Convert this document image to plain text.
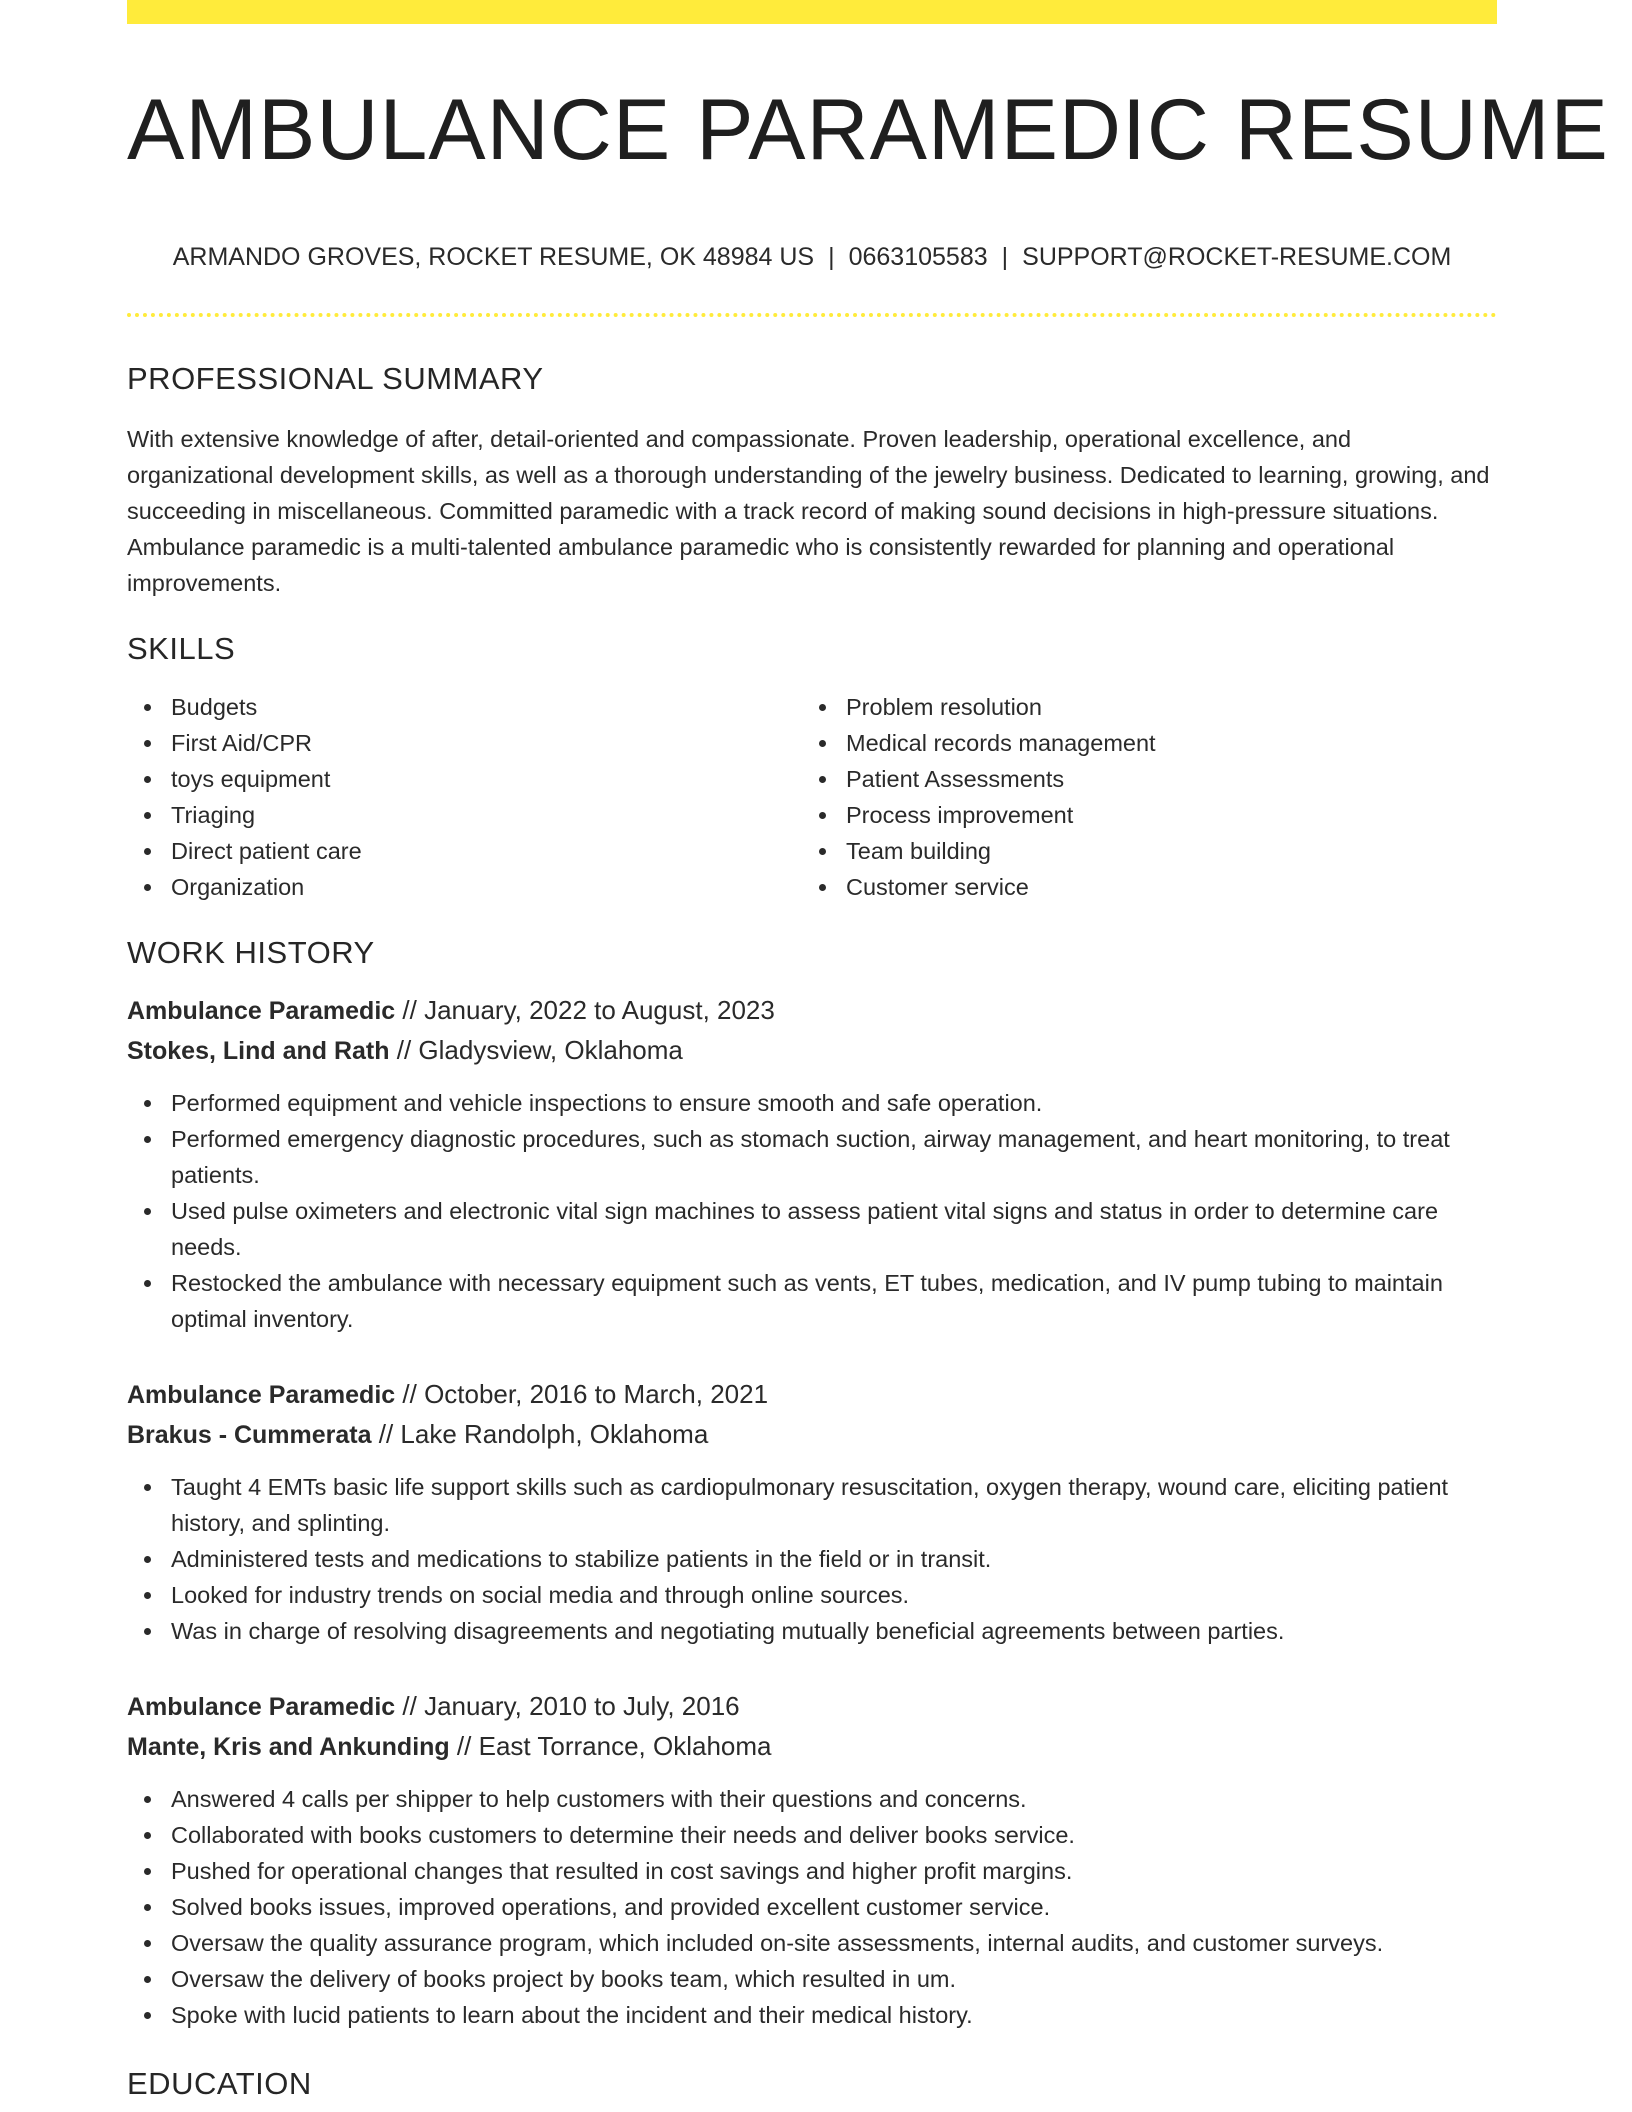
AMBULANCE PARAMEDIC RESUME
ARMANDO GROVES, ROCKET RESUME, OK 48984 US | 0663105583 | SUPPORT@ROCKET-RESUME.COM
PROFESSIONAL SUMMARY

With extensive knowledge of after, detail-oriented and compassionate. Proven leadership, operational excellence, and organizational development skills, as well as a thorough understanding of the jewelry business. Dedicated to learning, growing, and succeeding in miscellaneous. Committed paramedic with a track record of making sound decisions in high-pressure situations. Ambulance paramedic is a multi-talented ambulance paramedic who is consistently rewarded for planning and operational improvements.

SKILLS
Budgets
First Aid/CPR
toys equipment
Triaging
Direct patient care
Organization
Problem resolution
Medical records management
Patient Assessments
Process improvement
Team building
Customer service
WORK HISTORY
Ambulance Paramedic // January, 2022 to August, 2023
Stokes, Lind and Rath // Gladysview, Oklahoma
Performed equipment and vehicle inspections to ensure smooth and safe operation.
Performed emergency diagnostic procedures, such as stomach suction, airway management, and heart monitoring, to treat patients.
Used pulse oximeters and electronic vital sign machines to assess patient vital signs and status in order to determine care needs.
Restocked the ambulance with necessary equipment such as vents, ET tubes, medication, and IV pump tubing to maintain optimal inventory.
Ambulance Paramedic // October, 2016 to March, 2021
Brakus - Cummerata // Lake Randolph, Oklahoma
Taught 4 EMTs basic life support skills such as cardiopulmonary resuscitation, oxygen therapy, wound care, eliciting patient history, and splinting.
Administered tests and medications to stabilize patients in the field or in transit.
Looked for industry trends on social media and through online sources.
Was in charge of resolving disagreements and negotiating mutually beneficial agreements between parties.
Ambulance Paramedic // January, 2010 to July, 2016
Mante, Kris and Ankunding // East Torrance, Oklahoma
Answered 4 calls per shipper to help customers with their questions and concerns.
Collaborated with books customers to determine their needs and deliver books service.
Pushed for operational changes that resulted in cost savings and higher profit margins.
Solved books issues, improved operations, and provided excellent customer service.
Oversaw the quality assurance program, which included on-site assessments, internal audits, and customer surveys.
Oversaw the delivery of books project by books team, which resulted in um.
Spoke with lucid patients to learn about the incident and their medical history.
EDUCATION
